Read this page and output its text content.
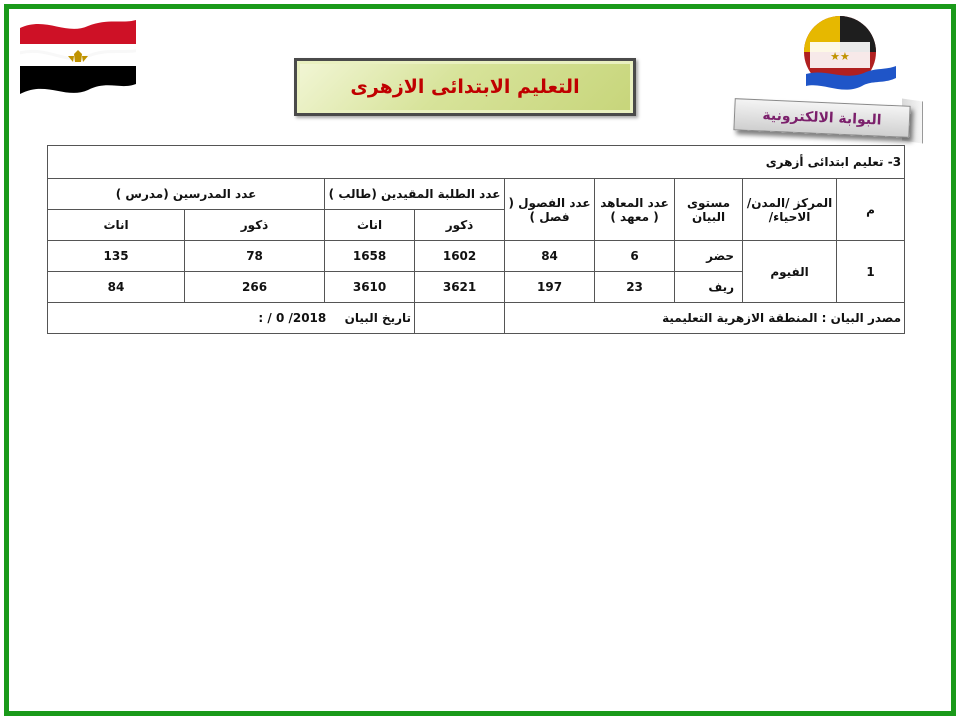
★★
التعليم الابتدائى الازهرى
البوابة الالكترونية
3- تعليم ابتدائى أزهرى								
م	المركز /المدن/الاحياء/	مستوى البيان	عدد المعاهد ( معهد )	عدد الفصول ( فصل )	عدد الطلبة المقيدين (طالب )		عدد المدرسين (مدرس )	
					ذكور	اناث	ذكور	اناث
1	الفيوم	حضر	6	84	1602	1658	78	135
		ريف	23	197	3621	3610	266	84
مصدر البيان : المنطقة الازهرية التعليمية						تاريخ البيان  : / 0 /2018		
